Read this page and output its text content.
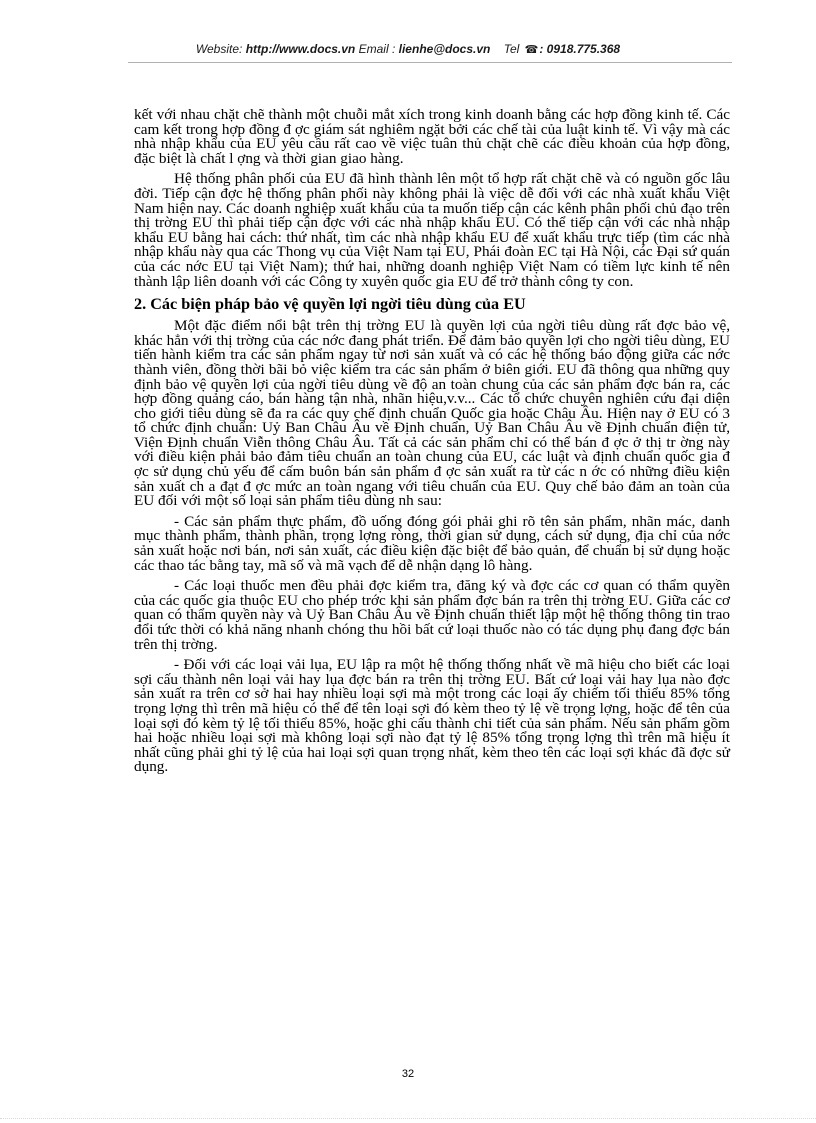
Website: http://www.docs.vn Email : lienhe@docs.vn Tel ☎: 0918.775.368

kết với nhau chặt chẽ thành một chuỗi mắt xích trong kinh doanh bằng các hợp đồng kinh tế. Các cam kết trong hợp đồng đ ợc giám sát nghiêm ngặt bởi các chế tài của luật kinh tế. Vì vậy mà các nhà nhập khẩu của EU yêu cầu rất cao về việc tuân thủ chặt chẽ các điều khoản của hợp đồng, đặc biệt là chất l ợng và thời gian giao hàng.

Hệ thống phân phối của EU đã hình thành lên một tổ hợp rất chặt chẽ và có nguồn gốc lâu đời. Tiếp cận đợc hệ thống phân phối này không phải là việc dễ đối với các nhà xuất khẩu Việt Nam hiện nay. Các doanh nghiệp xuất khẩu của ta muốn tiếp cận các kênh phân phối chủ đạo trên thị trờng EU thì phải tiếp cận đợc với các nhà nhập khẩu EU. Có thể tiếp cận với các nhà nhập khẩu EU bằng hai cách: thứ nhất, tìm các nhà nhập khẩu EU để xuất khẩu trực tiếp (tìm các nhà nhập khẩu này qua các Thong vụ của Việt Nam tại EU, Phái đoàn EC tại Hà Nội, các Đại sứ quán của các nớc EU tại Việt Nam); thứ hai, những doanh nghiệp Việt Nam có tiềm lực kinh tế nên thành lập liên doanh với các Công ty xuyên quốc gia EU để trở thành công ty con.

2. Các biện pháp bảo vệ quyền lợi ngời tiêu dùng của EU

Một đặc điểm nổi bật trên thị trờng EU là quyền lợi của ngời tiêu dùng rất đợc bảo vệ, khác hẳn với thị trờng của các nớc đang phát triển. Để đảm bảo quyền lợi cho ngời tiêu dùng, EU tiến hành kiểm tra các sản phẩm ngay từ nơi sản xuất và có các hệ thống báo động giữa các nớc thành viên, đồng thời bãi bỏ việc kiểm tra các sản phẩm ở biên giới. EU đã thông qua những quy định bảo vệ quyền lợi của ngời tiêu dùng về độ an toàn chung của các sản phẩm đợc bán ra, các hợp đồng quảng cáo, bán hàng tận nhà, nhãn hiệu,v.v... Các tổ chức chuyên nghiên cứu đại diện cho giới tiêu dùng sẽ đa ra các quy chế định chuẩn Quốc gia hoặc Châu Âu. Hiện nay ở EU có 3 tổ chức định chuẩn: Uỷ Ban Châu Âu về Định chuẩn, Uỷ Ban Châu Âu về Định chuẩn điện tử, Viện Định chuẩn Viễn thông Châu Âu. Tất cả các sản phẩm chỉ có thể bán đ ợc ở thị tr ờng này với điều kiện phải bảo đảm tiêu chuẩn an toàn chung của EU, các luật và định chuẩn quốc gia đ ợc sử dụng chủ yếu để cấm buôn bán sản phẩm đ ợc sản xuất ra từ các n ớc có những điều kiện sản xuất ch a đạt đ ợc mức an toàn ngang với tiêu chuẩn của EU. Quy chế bảo đảm an toàn của EU đối với một số loại sản phẩm tiêu dùng nh sau:

- Các sản phẩm thực phẩm, đồ uống đóng gói phải ghi rõ tên sản phẩm, nhãn mác, danh mục thành phẩm, thành phần, trọng lợng ròng, thời gian sử dụng, cách sử dụng, địa chỉ của nớc sản xuất hoặc nơi bán, nơi sản xuất, các điều kiện đặc biệt để bảo quản, để chuẩn bị sử dụng hoặc các thao tác bằng tay, mã số và mã vạch để dễ nhận dạng lô hàng.

- Các loại thuốc men đều phải đợc kiểm tra, đăng ký và đợc các cơ quan có thẩm quyền của các quốc gia thuộc EU cho phép trớc khi sản phẩm đợc bán ra trên thị trờng EU. Giữa các cơ quan có thẩm quyền này và Uỷ Ban Châu Âu về Định chuẩn thiết lập một hệ thống thông tin trao đổi tức thời có khả năng nhanh chóng thu hồi bất cứ loại thuốc nào có tác dụng phụ đang đợc bán trên thị trờng.

- Đối với các loại vải lụa, EU lập ra một hệ thống thống nhất về mã hiệu cho biết các loại sợi cấu thành nên loại vải hay lụa đợc bán ra trên thị trờng EU. Bất cứ loại vải hay lụa nào đợc sản xuất ra trên cơ sở hai hay nhiều loại sợi mà một trong các loại ấy chiếm tối thiểu 85% tổng trọng lợng thì trên mã hiệu có thể để tên loại sợi đó kèm theo tỷ lệ về trọng lợng, hoặc để tên của loại sợi đó kèm tỷ lệ tối thiểu 85%, hoặc ghi cấu thành chi tiết của sản phẩm. Nếu sản phẩm gồm hai hoặc nhiều loại sợi mà không loại sợi nào đạt tỷ lệ 85% tổng trọng lợng thì trên mã hiệu ít nhất cũng phải ghi tỷ lệ của hai loại sợi quan trọng nhất, kèm theo tên các loại sợi khác đã đợc sử dụng.

32
